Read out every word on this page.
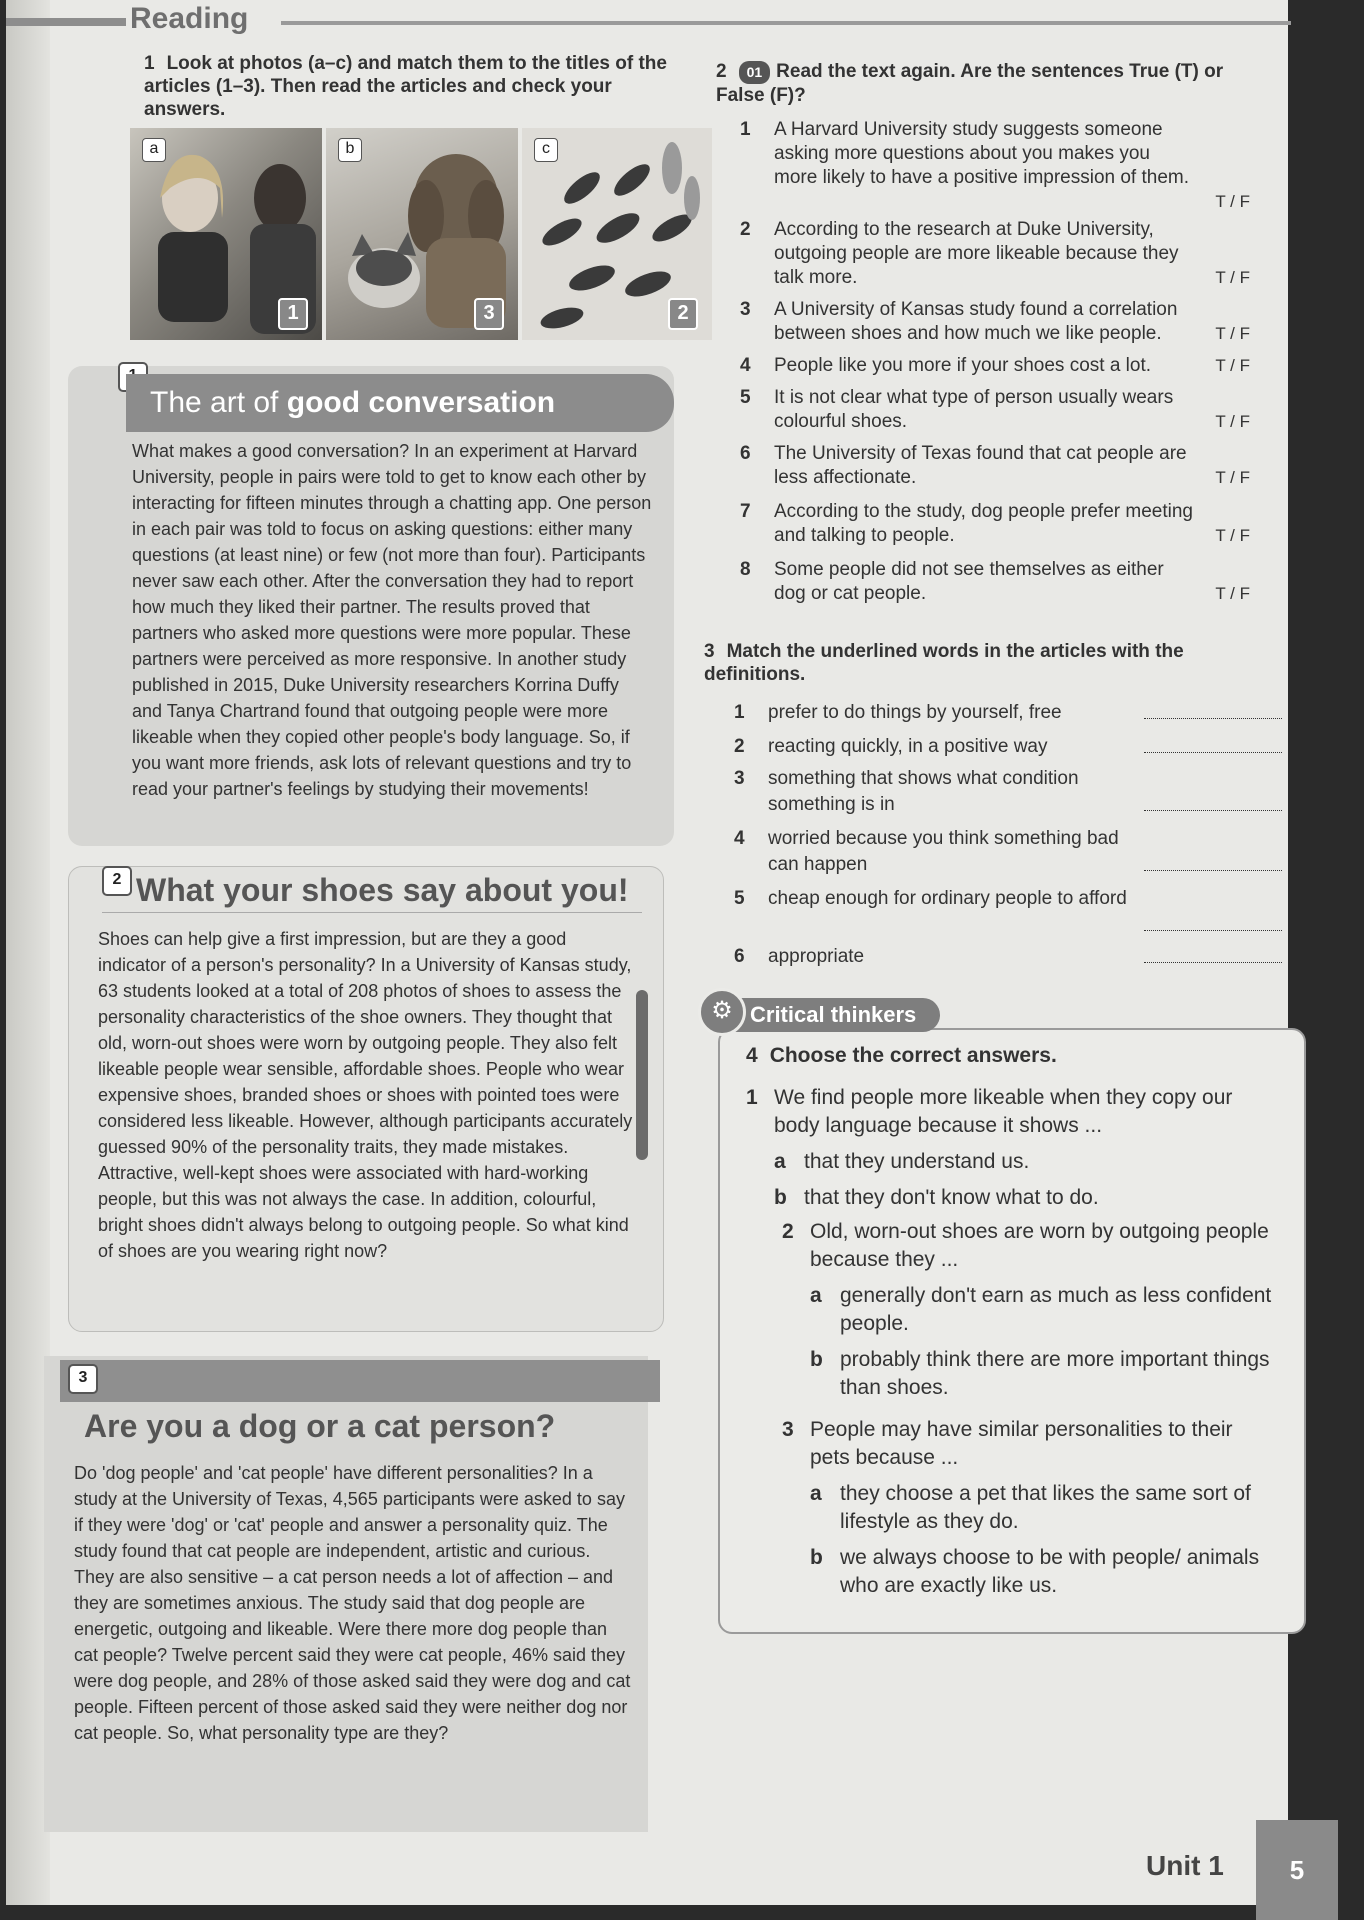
Reading
1 Look at photos (a–c) and match them to the titles of the articles (1–3). Then read the articles and check your answers.
a
1
b
3
c
2
The art of good conversation
What makes a good conversation? In an experiment at Harvard University, people in pairs were told to get to know each other by interacting for fifteen minutes through a chatting app. One person in each pair was told to focus on asking questions: either many questions (at least nine) or few (not more than four). Participants never saw each other. After the conversation they had to report how much they liked their partner. The results proved that partners who asked more questions were more popular. These partners were perceived as more responsive. In another study published in 2015, Duke University researchers Korrina Duffy and Tanya Chartrand found that outgoing people were more likeable when they copied other people's body language. So, if you want more friends, ask lots of relevant questions and try to read your partner's feelings by studying their movements!
2 What your shoes say about you!
Shoes can help give a first impression, but are they a good indicator of a person's personality? In a University of Kansas study, 63 students looked at a total of 208 photos of shoes to assess the personality characteristics of the shoe owners. They thought that old, worn-out shoes were worn by outgoing people. They also felt likeable people wear sensible, affordable shoes. People who wear expensive shoes, branded shoes or shoes with pointed toes were considered less likeable. However, although participants accurately guessed 90% of the personality traits, they made mistakes. Attractive, well-kept shoes were associated with hard-working people, but this was not always the case. In addition, colourful, bright shoes didn't always belong to outgoing people. So what kind of shoes are you wearing right now?
3
Are you a dog or a cat person?
Do 'dog people' and 'cat people' have different personalities? In a study at the University of Texas, 4,565 participants were asked to say if they were 'dog' or 'cat' people and answer a personality quiz. The study found that cat people are independent, artistic and curious. They are also sensitive – a cat person needs a lot of affection – and they are sometimes anxious. The study said that dog people are energetic, outgoing and likeable. Were there more dog people than cat people? Twelve percent said they were cat people, 46% said they were dog people, and 28% of those asked said they were dog and cat people. Fifteen percent of those asked said they were neither dog nor cat people. So, what personality type are they?
2 01 Read the text again. Are the sentences True (T) or False (F)?
1 A Harvard University study suggests someone asking more questions about you makes you more likely to have a positive impression of them.
T / F
2 According to the research at Duke University, outgoing people are more likeable because they talk more.	T / F
3 A University of Kansas study found a correlation between shoes and how much we like people.	T / F
4 People like you more if your shoes cost a lot.	T / F
5 It is not clear what type of person usually wears colourful shoes.	T / F
6 The University of Texas found that cat people are less affectionate.	T / F
7 According to the study, dog people prefer meeting and talking to people.	T / F
8 Some people did not see themselves as either dog or cat people.	T / F
3 Match the underlined words in the articles with the definitions.
1 prefer to do things by yourself, free
2 reacting quickly, in a positive way
3 something that shows what condition something is in
4 worried because you think something bad can happen
5 cheap enough for ordinary people to afford
6 appropriate
Critical thinkers
⚙
4 Choose the correct answers.
1 We find people more likeable when they copy our body language because it shows ...
a that they understand us.
b that they don't know what to do.
2 Old, worn-out shoes are worn by outgoing people because they ...
a generally don't earn as much as less confident people.
b probably think there are more important things than shoes.
3 People may have similar personalities to their pets because ...
a they choose a pet that likes the same sort of lifestyle as they do.
b we always choose to be with people/ animals who are exactly like us.
Unit 1	5
